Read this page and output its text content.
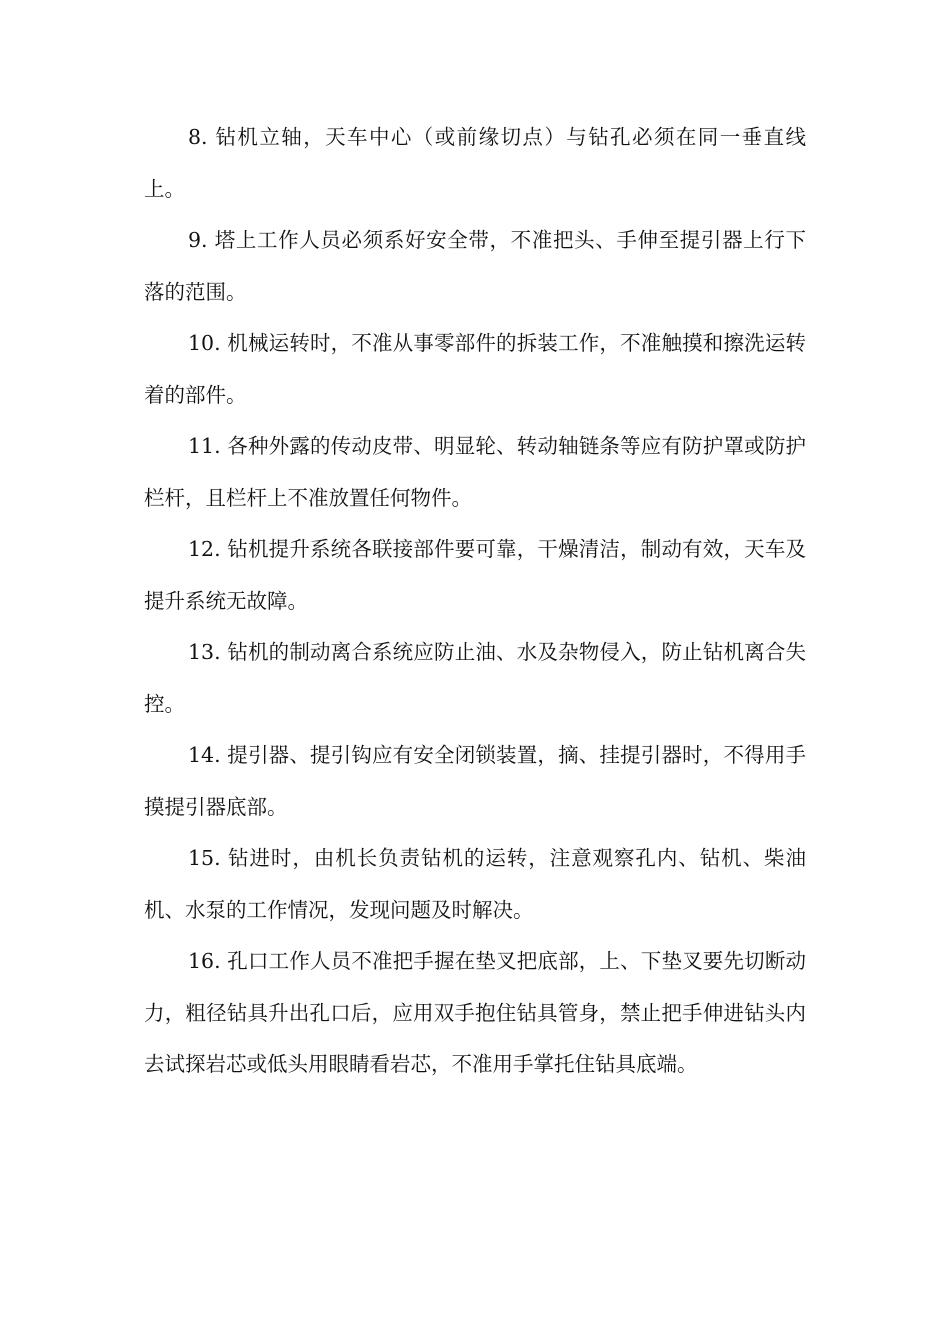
8. 钻机立轴，天车中心（或前缘切点）与钻孔必须在同一垂直线上。

9. 塔上工作人员必须系好安全带，不准把头、手伸至提引器上行下落的范围。

10. 机械运转时，不准从事零部件的拆装工作，不准触摸和擦洗运转着的部件。

11. 各种外露的传动皮带、明显轮、转动轴链条等应有防护罩或防护栏杆，且栏杆上不准放置任何物件。

12. 钻机提升系统各联接部件要可靠，干燥清洁，制动有效，天车及提升系统无故障。

13. 钻机的制动离合系统应防止油、水及杂物侵入，防止钻机离合失控。

14. 提引器、提引钩应有安全闭锁装置，摘、挂提引器时，不得用手摸提引器底部。

15. 钻进时，由机长负责钻机的运转，注意观察孔内、钻机、柴油机、水泵的工作情况，发现问题及时解决。

16. 孔口工作人员不准把手握在垫叉把底部，上、下垫叉要先切断动力，粗径钻具升出孔口后，应用双手抱住钻具管身，禁止把手伸进钻头内去试探岩芯或低头用眼睛看岩芯，不准用手掌托住钻具底端。
